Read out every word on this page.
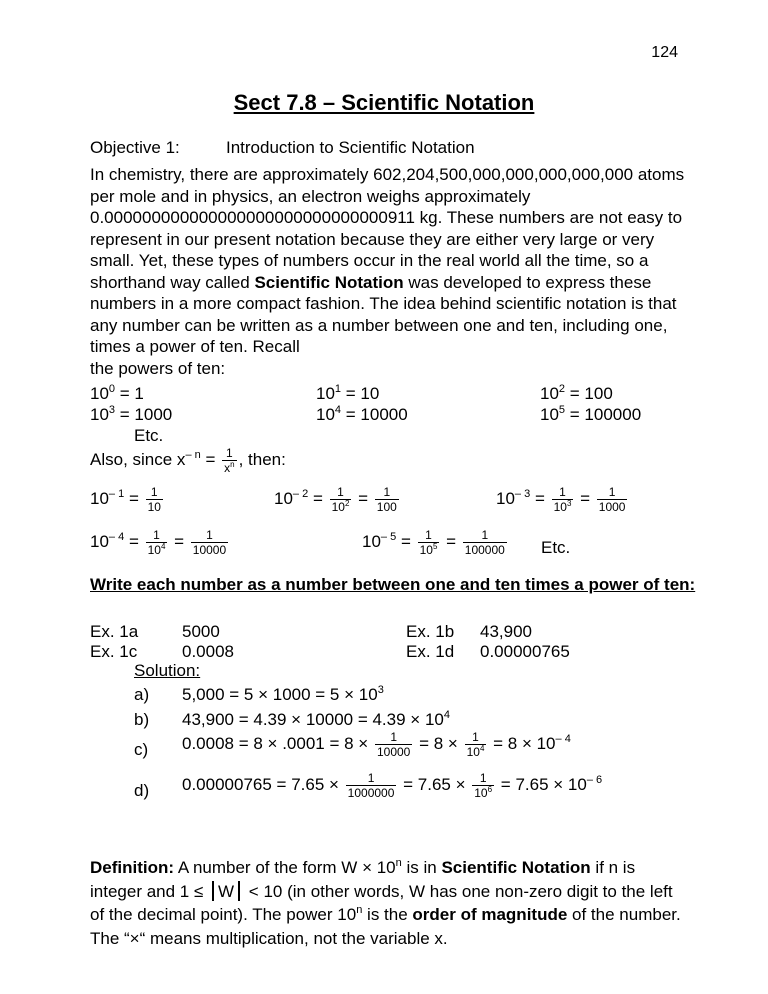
124
Sect 7.8 – Scientific Notation
Objective 1:	Introduction to Scientific Notation

In chemistry, there are approximately 602,204,500,000,000,000,000,000 atoms per mole and in physics, an electron weighs approximately 0.000000000000000000000000000000911 kg. These numbers are not easy to represent in our present notation because they are either very large or very small. Yet, these types of numbers occur in the real world all the time, so a shorthand way called Scientific Notation was developed to express these numbers in a more compact fashion. The idea behind scientific notation is that any number can be written as a number between one and ten, including one, times a power of ten. Recall

the powers of ten:

$10^0 = 1$	$10^1 = 10$	$10^2 = 100$
$10^3 = 1000$	$10^4 = 10000$	$10^5 = 100000$
Etc.
Also, since $x^{- n} = \frac{1}{x^n}$ , then:
$10^{- 1} = \frac{1}{10}$	$10^{- 2} = \frac{1}{10^2} = \frac{1}{100}$	$10^{- 3} = \frac{1}{10^3} = \frac{1}{1000}$
$10^{- 4} = \frac{1}{10^4} = \frac{1}{10000}$	$10^{- 5} = \frac{1}{10^5} = \frac{1}{100000}$ Etc.
Write each number as a number between one and ten times a power of ten:
Ex. 1a	5000	Ex. 1b 43,900
Ex. 1c	0.0008	Ex. 1d 0.00000765
Solution:
a) $5,000 = 5 \times 1000 = 5 \times 10^3$
b) $43,900 = 4.39 \times 10000 = 4.39 \times 10^4$
c) $0.0008 = 8 \times .0001 = 8 \times \frac{1}{10000} = 8 \times \frac{1}{10^4} = 8 \times 10^{- 4}$
d) $0.00000765 = 7.65 \times \frac{1}{1000000} = 7.65 \times \frac{1}{10^6} = 7.65 \times 10^{- 6}$
Definition: A number of the form $W \times 10^n$ is in Scientific Notation if n is integer and 1 ≤ W < 10 (in other words, W has one non-zero digit to the left of the decimal point). The power 10$^n$ is the order of magnitude of the number. The “×“ means multiplication, not the variable x.
